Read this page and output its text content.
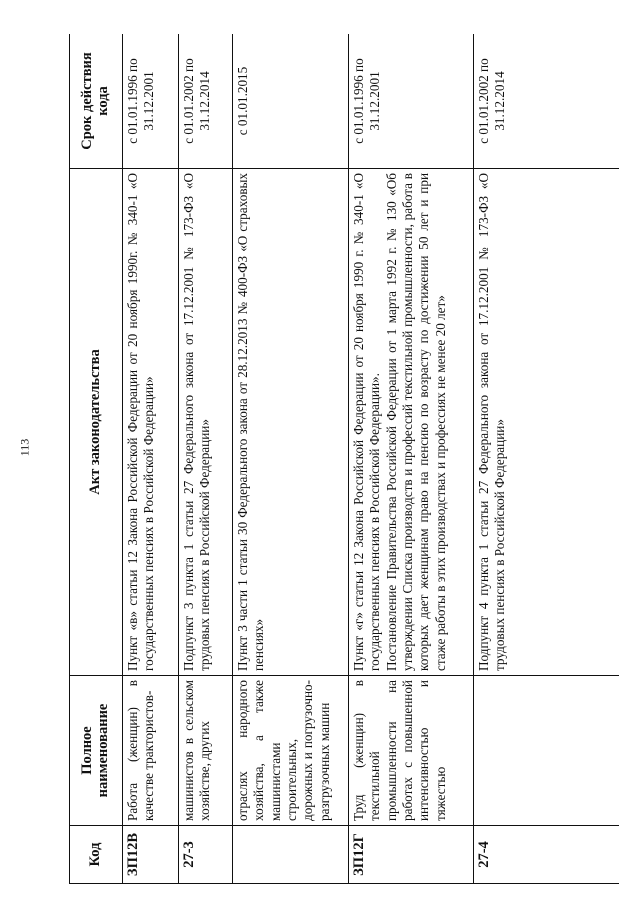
113
Код	Полное наименование	Акт законодательства	Срок действия кода
ЗП12В	Работа (женщин) в качестве трактористов-	Пункт «в» статьи 12 Закона Российской Федерации от 20 ноября 1990г. № 340-1 «О государственных пенсиях в Российской Федерации»	с 01.01.1996 по 31.12.2001
27-3	машинистов в сельском хозяйстве, других	Подпункт 3 пункта 1 статьи 27 Федерального закона от 17.12.2001 № 173-ФЗ «О трудовых пенсиях в Российской Федерации»	с 01.01.2002 по 31.12.2014
	отраслях народного хозяйства, а также машинистами строительных, дорожных и погрузочно-разгрузочных машин	Пункт 3 части 1 статьи 30 Федерального закона от 28.12.2013 № 400-ФЗ «О страховых пенсиях»	с 01.01.2015
ЗП12Г	Труд (женщин) в текстильной промышленности на работах с повышенной интенсивностью и тяжестью	Пункт «г» статьи 12 Закона Российской Федерации от 20 ноября 1990 г. № 340-1 «О государственных пенсиях в Российской Федерации». Постановление Правительства Российской Федерации от 1 марта 1992 г. № 130 «Об утверждении Списка производств и профессий текстильной промышленности, работа в которых дает женщинам право на пенсию по возрасту по достижении 50 лет и при стаже работы в этих производствах и профессиях не менее 20 лет»	с 01.01.1996 по 31.12.2001
27-4		Подпункт 4 пункта 1 статьи 27 Федерального закона от 17.12.2001 № 173-ФЗ «О трудовых пенсиях в Российской Федерации»	с 01.01.2002 по 31.12.2014
